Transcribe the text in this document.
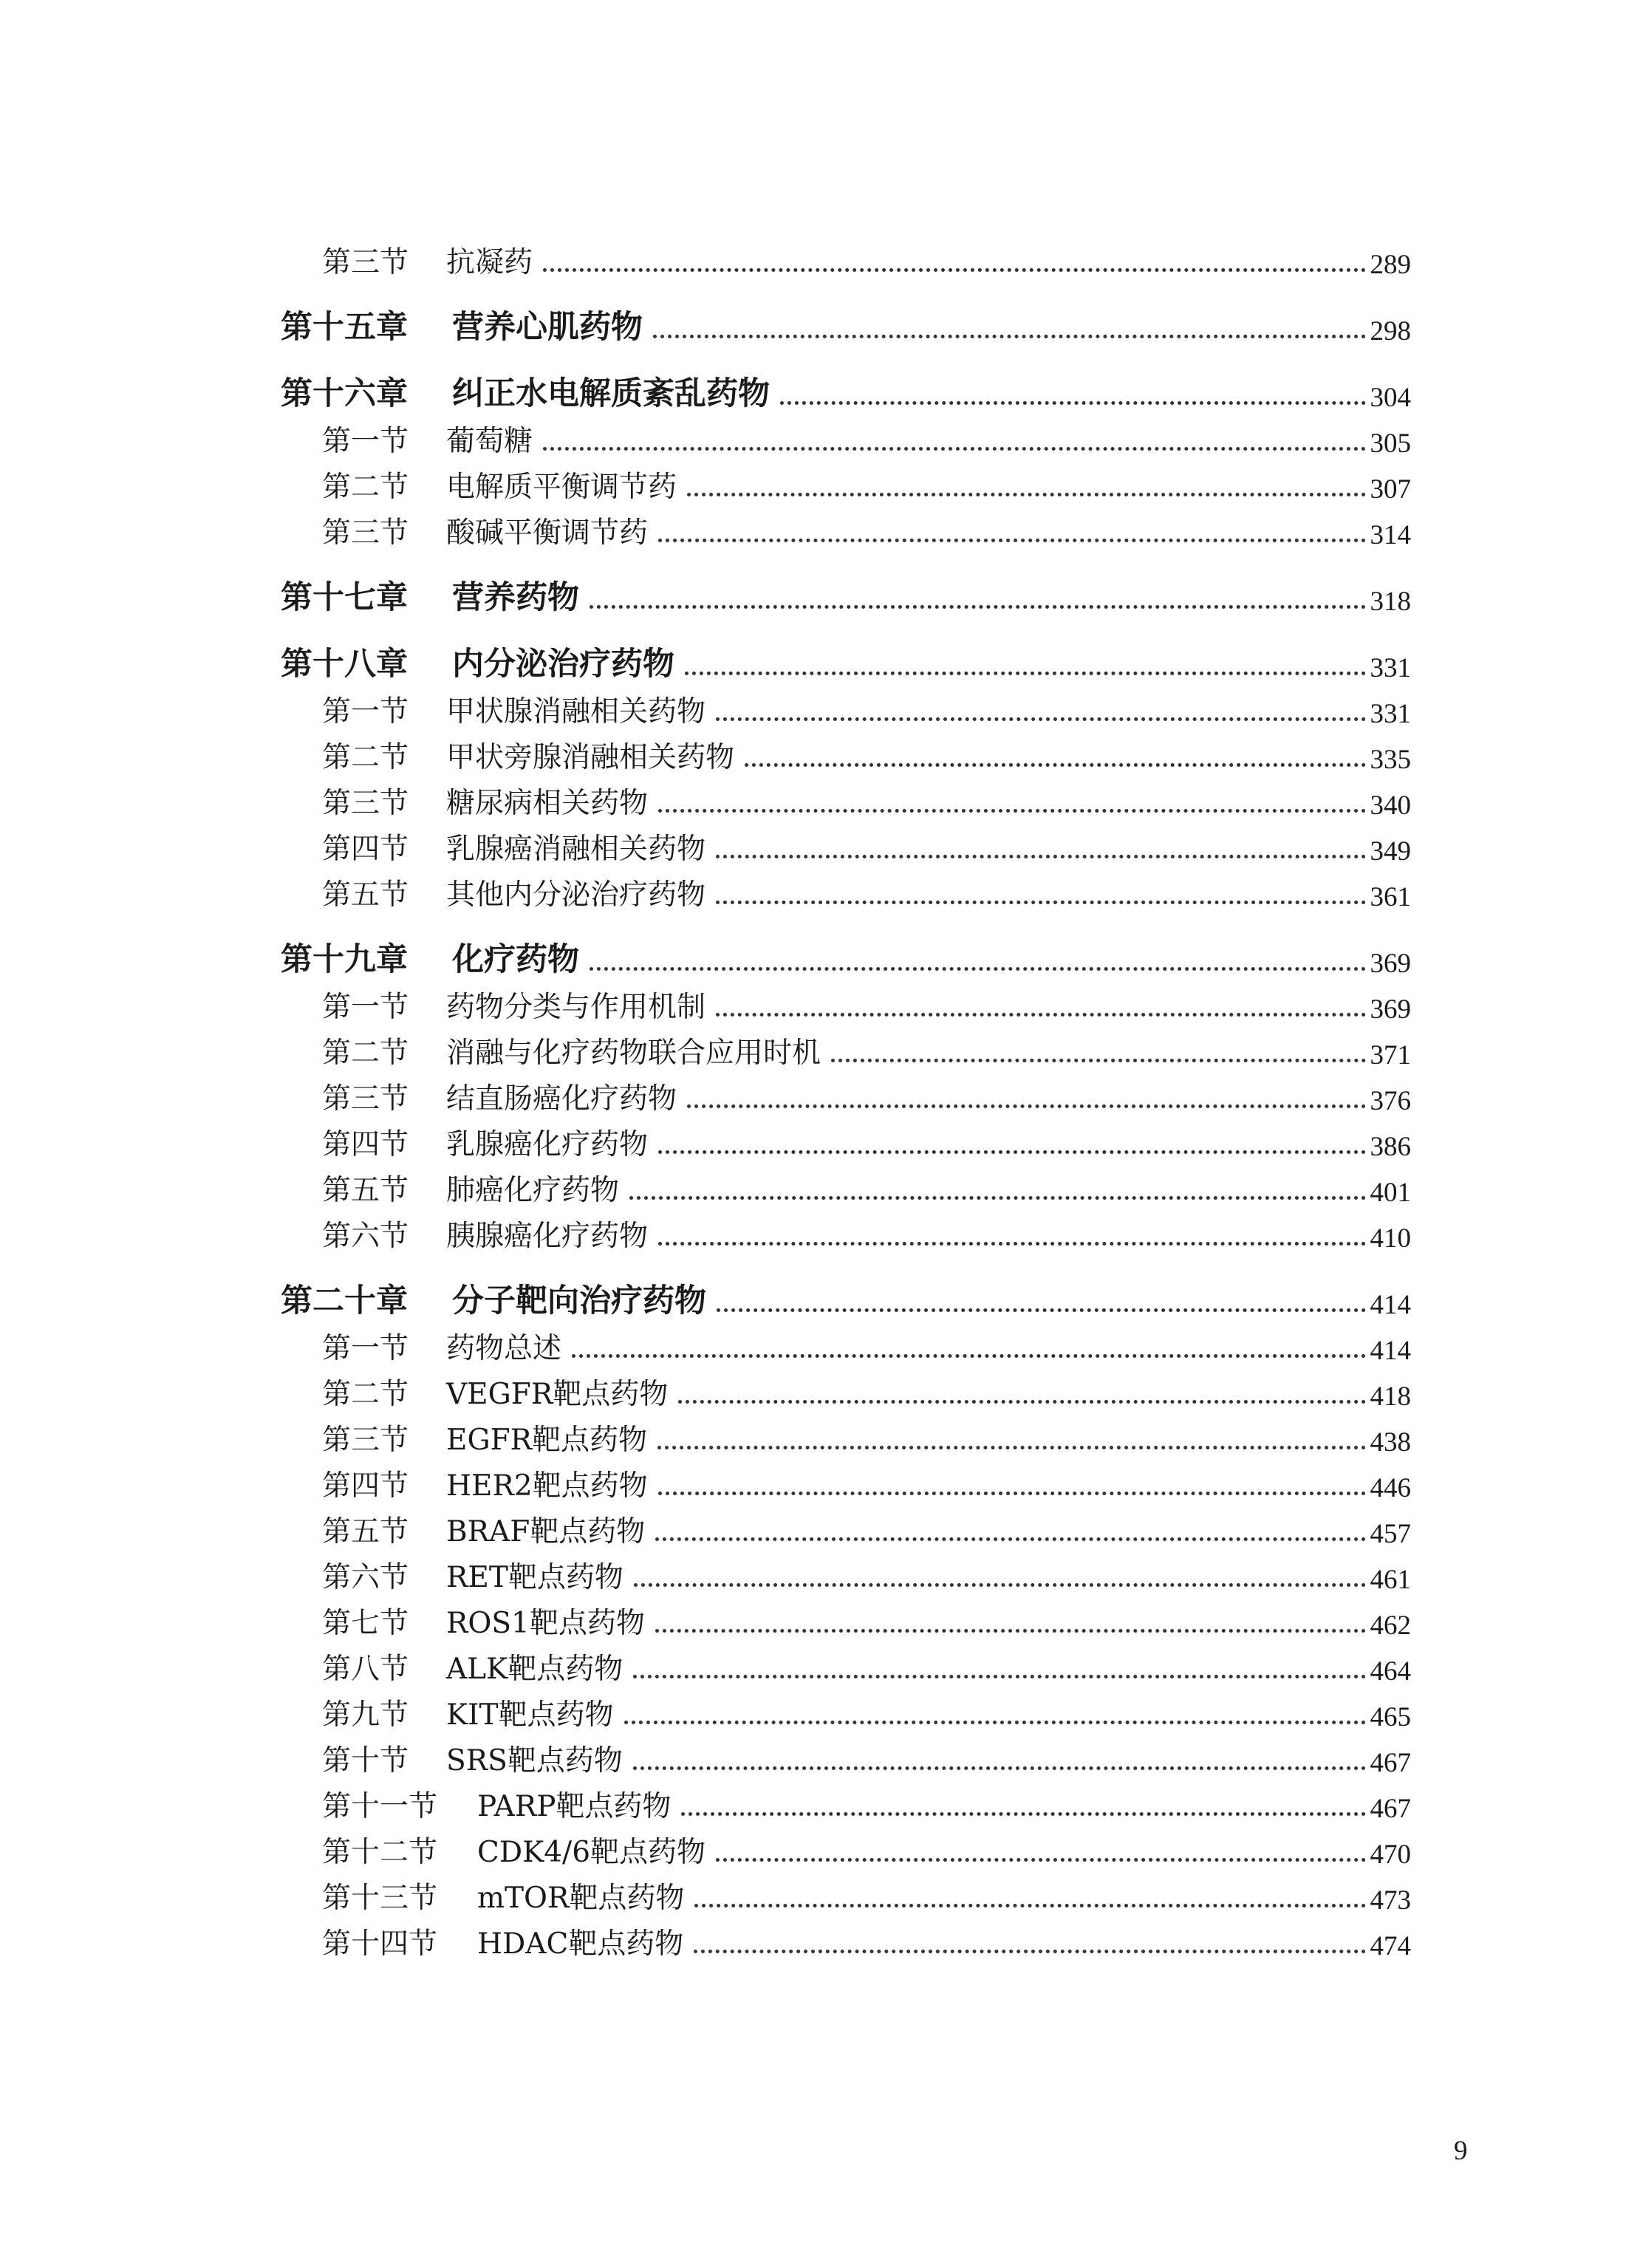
第三节	抗凝药	289
第十五章	营养心肌药物	298
第十六章	纠正水电解质紊乱药物	304
第一节	葡萄糖	305
第二节	电解质平衡调节药	307
第三节	酸碱平衡调节药	314
第十七章	营养药物	318
第十八章	内分泌治疗药物	331
第一节	甲状腺消融相关药物	331
第二节	甲状旁腺消融相关药物	335
第三节	糖尿病相关药物	340
第四节	乳腺癌消融相关药物	349
第五节	其他内分泌治疗药物	361
第十九章	化疗药物	369
第一节	药物分类与作用机制	369
第二节	消融与化疗药物联合应用时机	371
第三节	结直肠癌化疗药物	376
第四节	乳腺癌化疗药物	386
第五节	肺癌化疗药物	401
第六节	胰腺癌化疗药物	410
第二十章	分子靶向治疗药物	414
第一节	药物总述	414
第二节	VEGFR靶点药物	418
第三节	EGFR靶点药物	438
第四节	HER2靶点药物	446
第五节	BRAF靶点药物	457
第六节	RET靶点药物	461
第七节	ROS1靶点药物	462
第八节	ALK靶点药物	464
第九节	KIT靶点药物	465
第十节	SRS靶点药物	467
第十一节	PARP靶点药物	467
第十二节	CDK4/6靶点药物	470
第十三节	mTOR靶点药物	473
第十四节	HDAC靶点药物	474
9
